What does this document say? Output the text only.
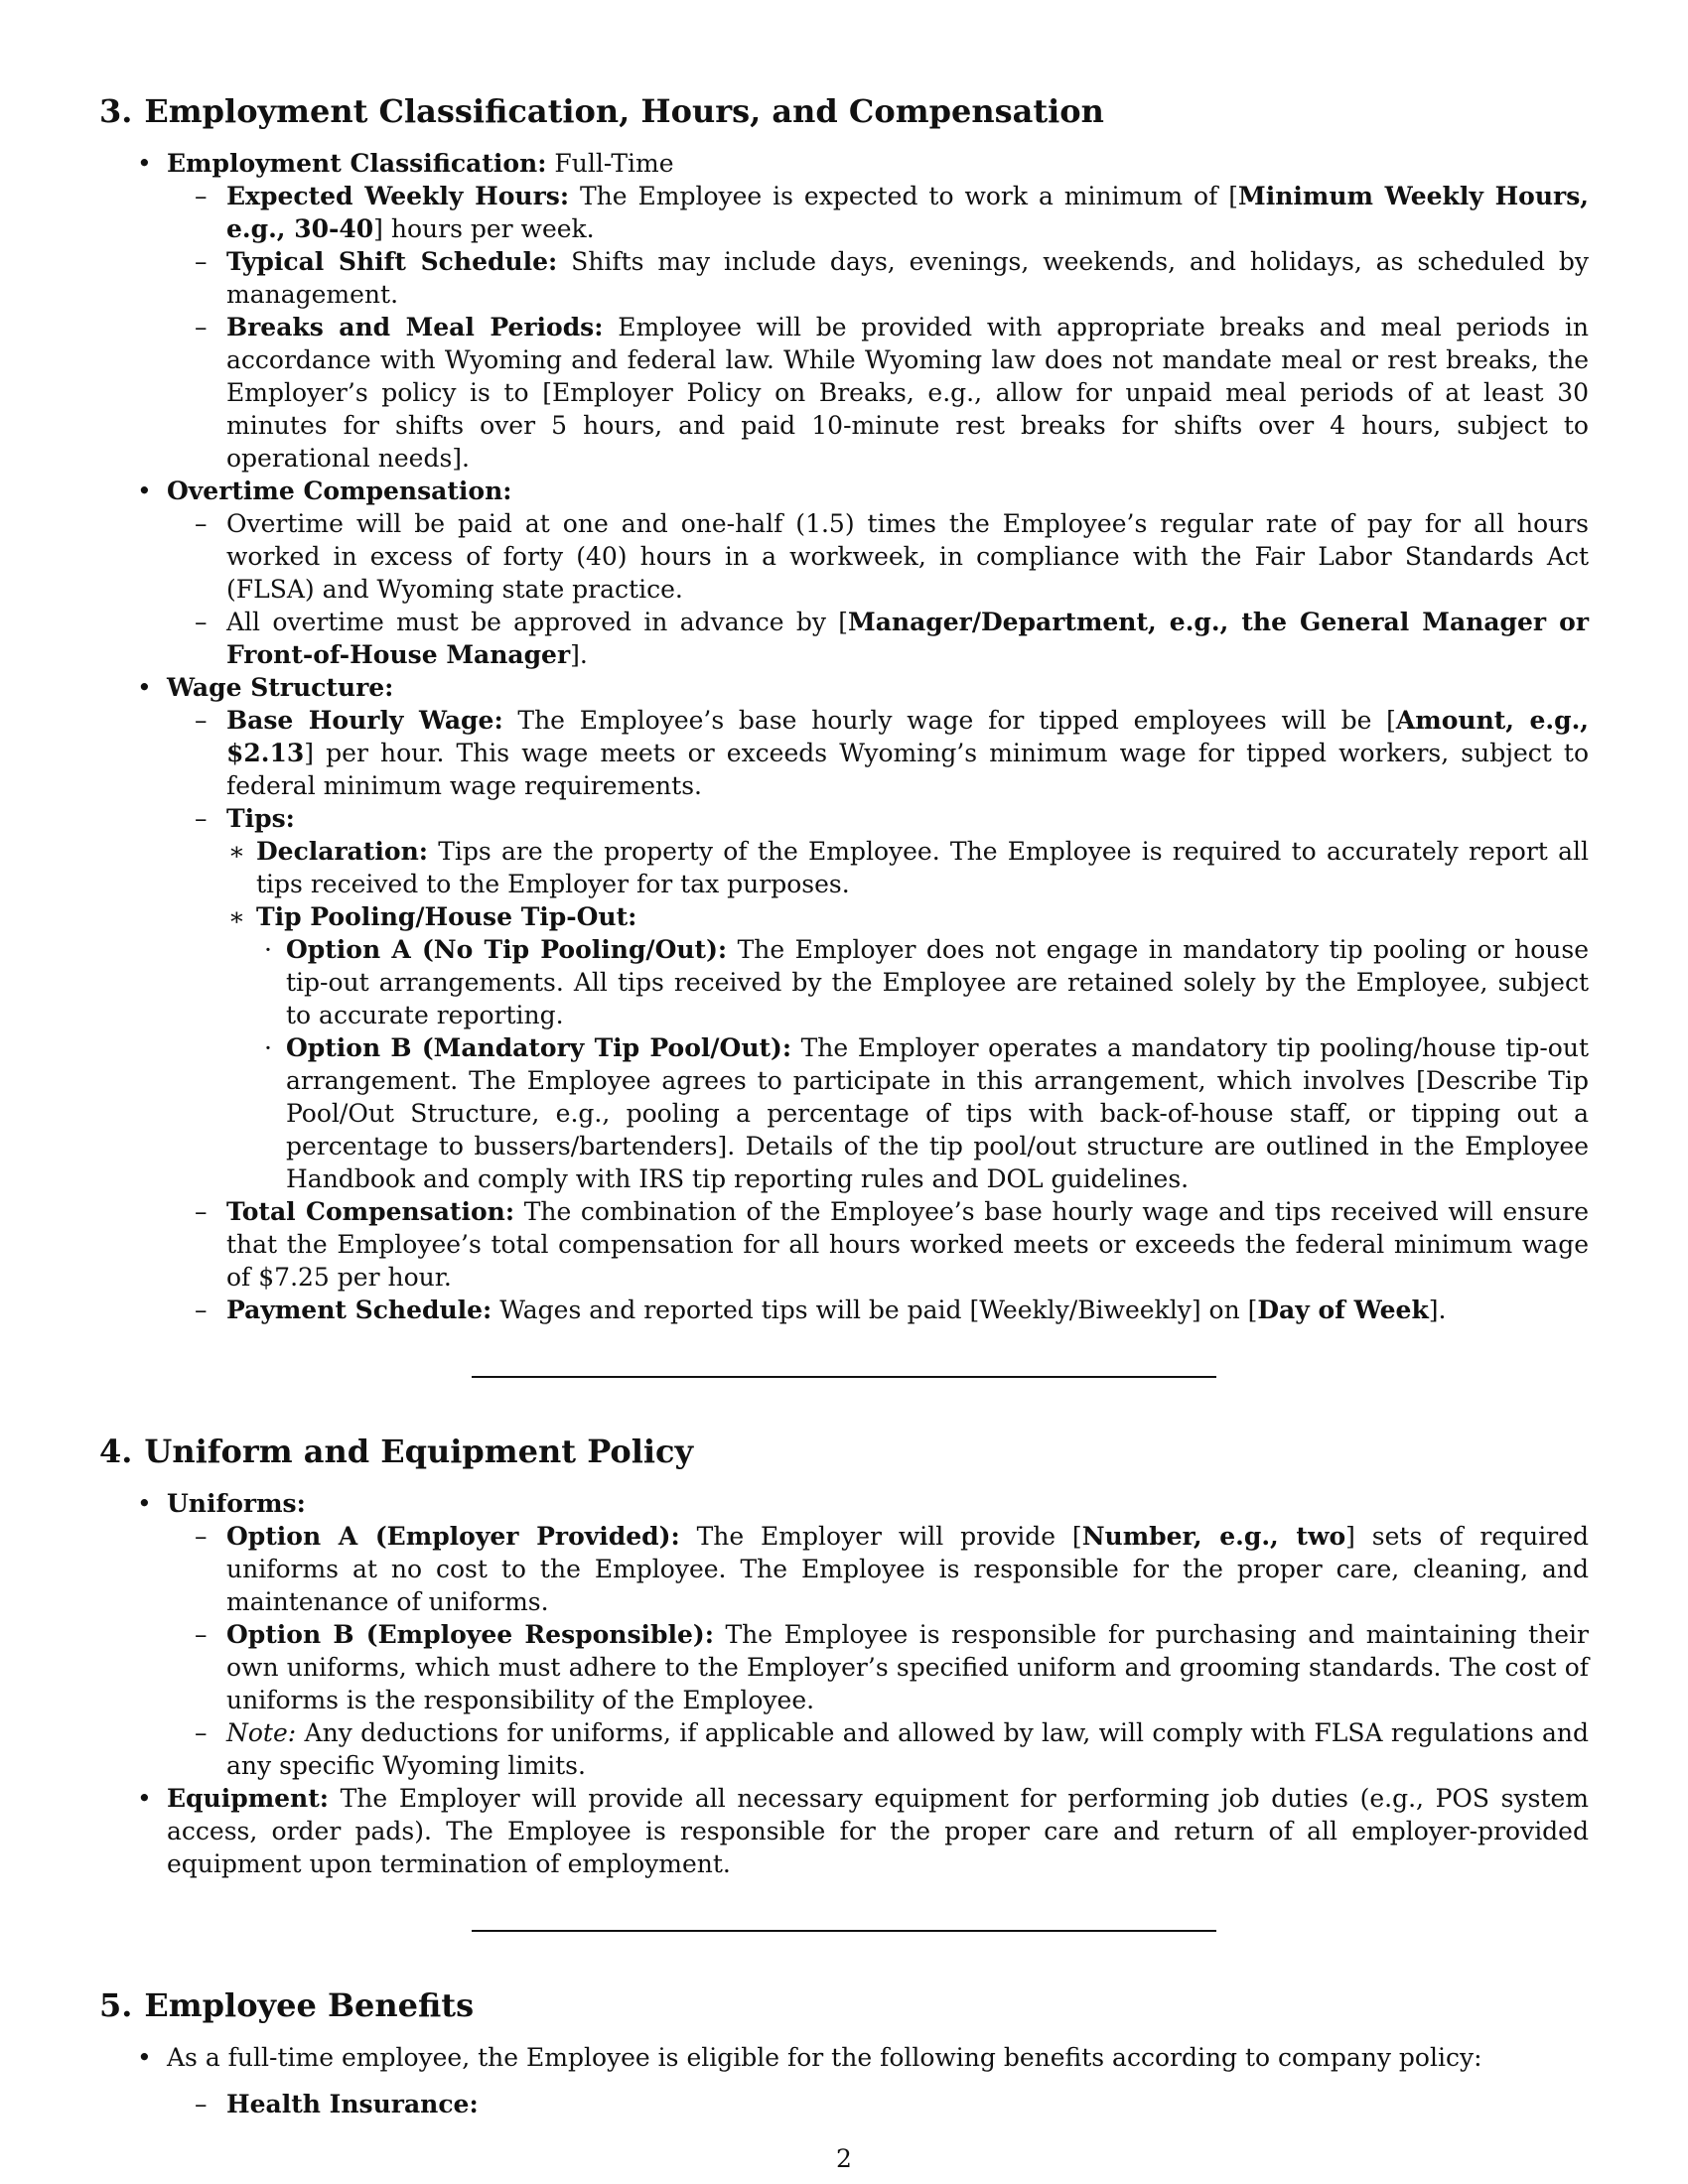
3. Employment Classification, Hours, and Compensation
• Employment Classification: Full-Time
– Expected Weekly Hours: The Employee is expected to work a minimum of [Minimum Weekly Hours, e.g., 30-40] hours per week.
– Typical Shift Schedule: Shifts may include days, evenings, weekends, and holidays, as scheduled by management.
– Breaks and Meal Periods: Employee will be provided with appropriate breaks and meal periods in accordance with Wyoming and federal law. While Wyoming law does not mandate meal or rest breaks, the Employer’s policy is to [Employer Policy on Breaks, e.g., allow for unpaid meal periods of at least 30 minutes for shifts over 5 hours, and paid 10-minute rest breaks for shifts over 4 hours, subject to operational needs].
• Overtime Compensation:
– Overtime will be paid at one and one-half (1.5) times the Employee’s regular rate of pay for all hours worked in excess of forty (40) hours in a workweek, in compliance with the Fair Labor Standards Act (FLSA) and Wyoming state practice.
– All overtime must be approved in advance by [Manager/Department, e.g., the General Manager or Front-of-House Manager].
• Wage Structure:
– Base Hourly Wage: The Employee’s base hourly wage for tipped employees will be [Amount, e.g., $2.13] per hour. This wage meets or exceeds Wyoming’s minimum wage for tipped workers, subject to federal minimum wage requirements.
– Tips:
∗ Declaration: Tips are the property of the Employee. The Employee is required to accurately report all tips received to the Employer for tax purposes.
∗ Tip Pooling/House Tip-Out:
· Option A (No Tip Pooling/Out): The Employer does not engage in mandatory tip pooling or house tip-out arrangements. All tips received by the Employee are retained solely by the Employee, subject to accurate reporting.
· Option B (Mandatory Tip Pool/Out): The Employer operates a mandatory tip pooling/house tip-out arrangement. The Employee agrees to participate in this arrangement, which involves [Describe Tip Pool/Out Structure, e.g., pooling a percentage of tips with back-of-house staff, or tipping out a percentage to bussers/bartenders]. Details of the tip pool/out structure are outlined in the Employee Handbook and comply with IRS tip reporting rules and DOL guidelines.
– Total Compensation: The combination of the Employee’s base hourly wage and tips received will ensure that the Employee’s total compensation for all hours worked meets or exceeds the federal minimum wage of $7.25 per hour.
– Payment Schedule: Wages and reported tips will be paid [Weekly/Biweekly] on [Day of Week].
4. Uniform and Equipment Policy
• Uniforms:
– Option A (Employer Provided): The Employer will provide [Number, e.g., two] sets of required uniforms at no cost to the Employee. The Employee is responsible for the proper care, cleaning, and maintenance of uniforms.
– Option B (Employee Responsible): The Employee is responsible for purchasing and maintaining their own uniforms, which must adhere to the Employer’s specified uniform and grooming standards. The cost of uniforms is the responsibility of the Employee.
– Note: Any deductions for uniforms, if applicable and allowed by law, will comply with FLSA regulations and any specific Wyoming limits.
• Equipment: The Employer will provide all necessary equipment for performing job duties (e.g., POS system access, order pads). The Employee is responsible for the proper care and return of all employer-provided equipment upon termination of employment.
5. Employee Benefits
• As a full-time employee, the Employee is eligible for the following benefits according to company policy:
– Health Insurance:
2
